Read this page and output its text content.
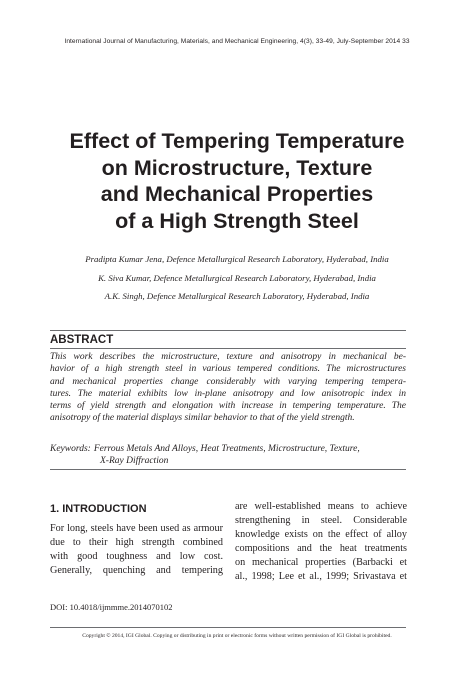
International Journal of Manufacturing, Materials, and Mechanical Engineering, 4(3), 33-49, July-September 2014 33
Effect of Tempering Temperature
on Microstructure, Texture
and Mechanical Properties
of a High Strength Steel
Pradipta Kumar Jena, Defence Metallurgical Research Laboratory, Hyderabad, India
K. Siva Kumar, Defence Metallurgical Research Laboratory, Hyderabad, India
A.K. Singh, Defence Metallurgical Research Laboratory, Hyderabad, India
ABSTRACT
This work describes the microstructure, texture and anisotropy in mechanical be-
havior of a high strength steel in various tempered conditions. The microstructures
and mechanical properties change considerably with varying tempering tempera-
tures. The material exhibits low in-plane anisotropy and low anisotropic index in
terms of yield strength and elongation with increase in tempering temperature. The
anisotropy of the material displays similar behavior to that of the yield strength.
Keywords: Ferrous Metals And Alloys, Heat Treatments, Microstructure, Texture,
X-Ray Diffraction
1. INTRODUCTION
For long, steels have been used as armour
due to their high strength combined
with good toughness and low cost.
Generally, quenching and tempering
are well-established means to achieve
strengthening in steel. Considerable
knowledge exists on the effect of alloy
compositions and the heat treatments
on mechanical properties (Barbacki et
al., 1998; Lee et al., 1999; Srivastava et
DOI: 10.4018/ijmmme.2014070102
Copyright © 2014, IGI Global. Copying or distributing in print or electronic forms without written permission of IGI Global is prohibited.
